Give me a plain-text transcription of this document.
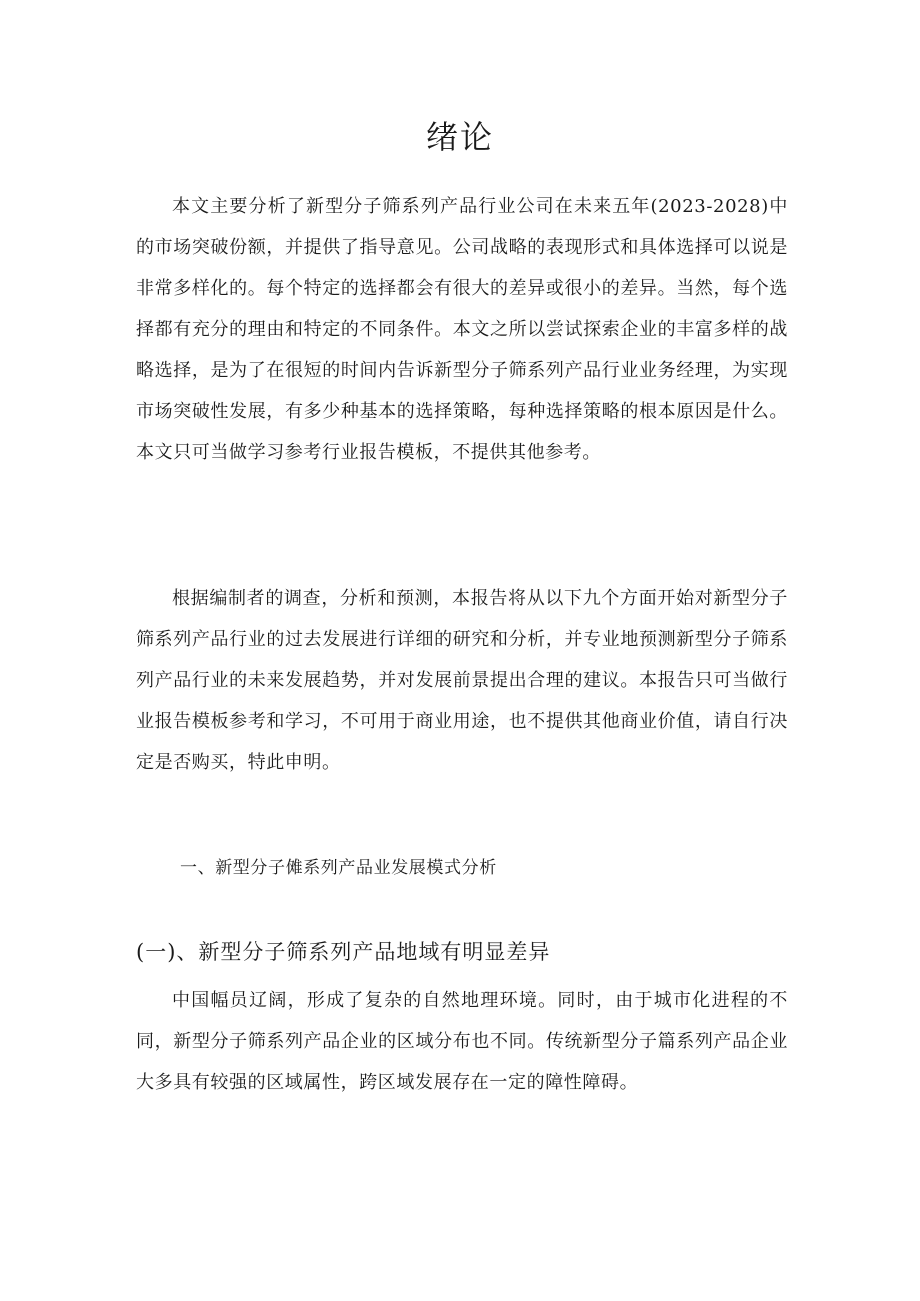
绪论

本文主要分析了新型分子筛系列产品行业公司在未来五年(2023-2028)中的市场突破份额，并提供了指导意见。公司战略的表现形式和具体选择可以说是非常多样化的。每个特定的选择都会有很大的差异或很小的差异。当然，每个选择都有充分的理由和特定的不同条件。本文之所以尝试探索企业的丰富多样的战略选择，是为了在很短的时间内告诉新型分子筛系列产品行业业务经理，为实现市场突破性发展，有多少种基本的选择策略，每种选择策略的根本原因是什么。本文只可当做学习参考行业报告模板，不提供其他参考。

根据编制者的调查，分析和预测，本报告将从以下九个方面开始对新型分子筛系列产品行业的过去发展进行详细的研究和分析，并专业地预测新型分子筛系列产品行业的未来发展趋势，并对发展前景提出合理的建议。本报告只可当做行业报告模板参考和学习，不可用于商业用途，也不提供其他商业价值，请自行决定是否购买，特此申明。

一、新型分子傩系列产品业发展模式分析
(一)、新型分子筛系列产品地域有明显差异

中国幅员辽阔，形成了复杂的自然地理环境。同时，由于城市化进程的不同，新型分子筛系列产品企业的区域分布也不同。传统新型分子篇系列产品企业大多具有较强的区域属性，跨区域发展存在一定的障性障碍。
